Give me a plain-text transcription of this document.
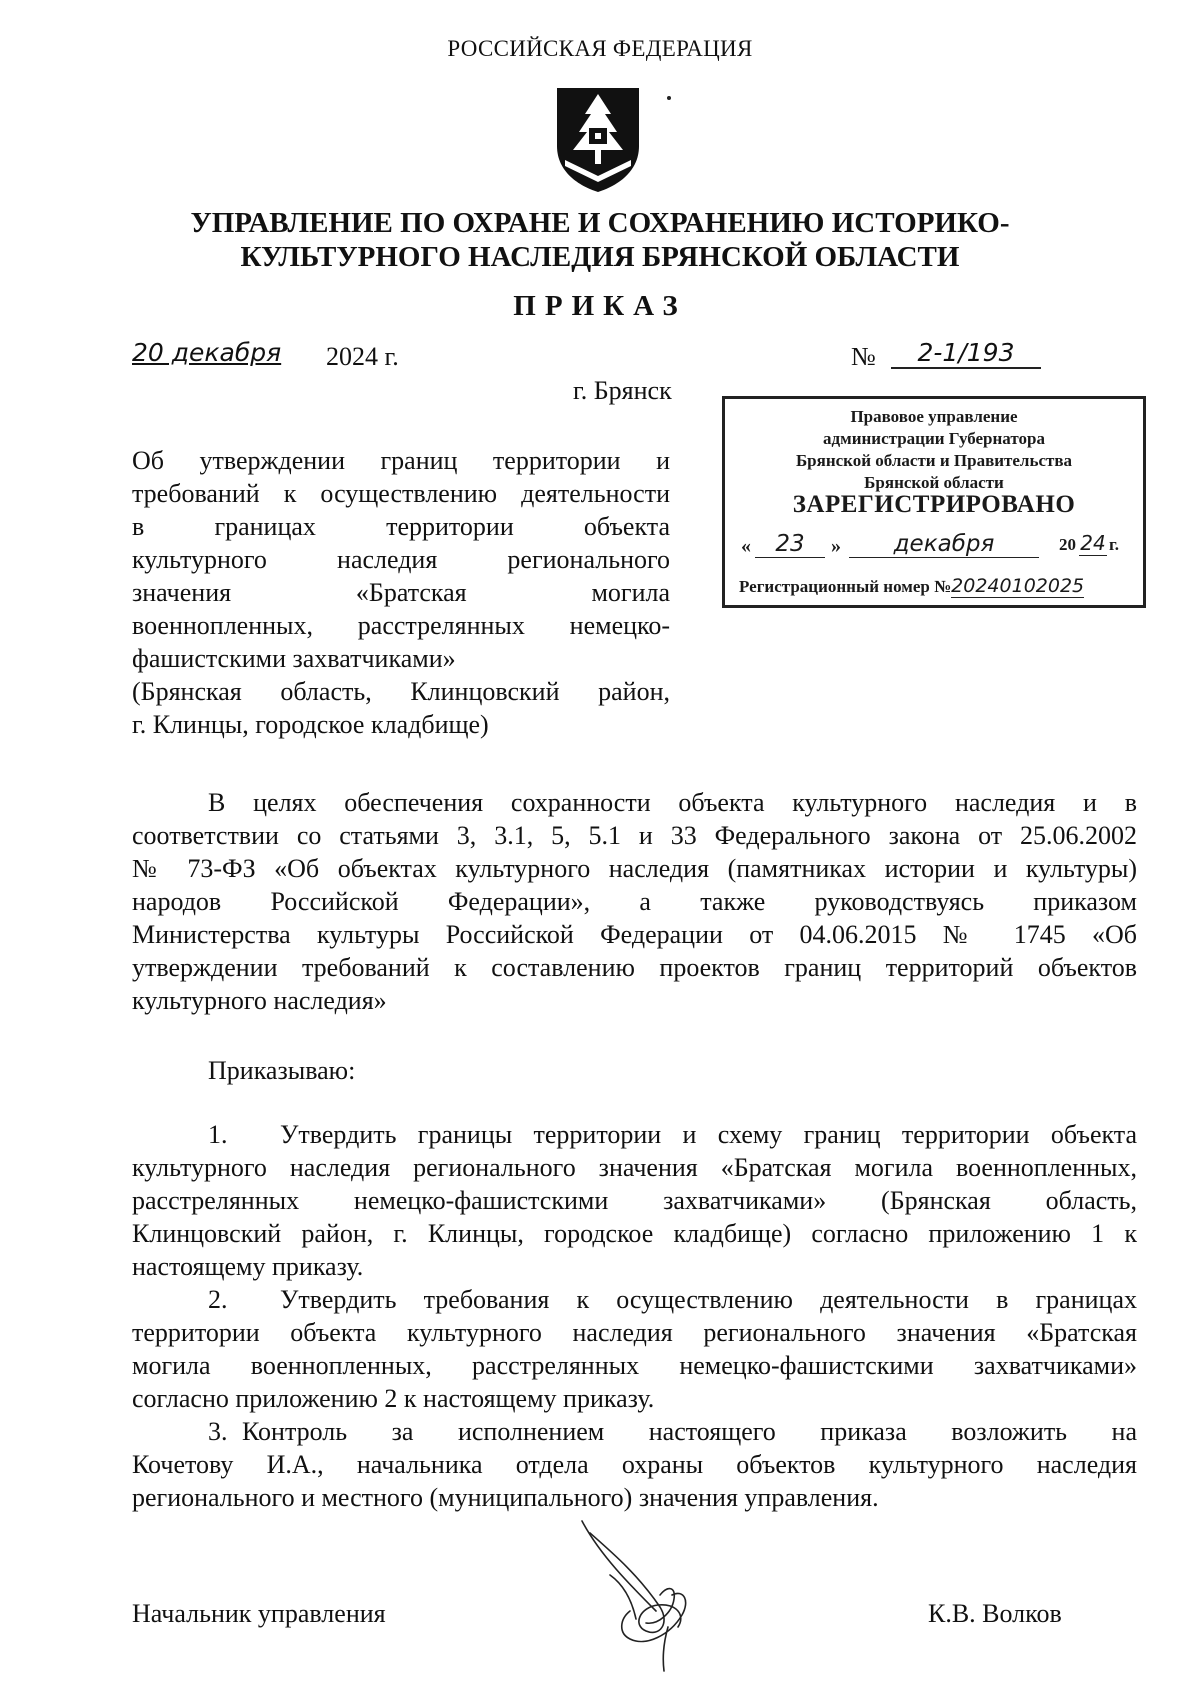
РОССИЙСКАЯ ФЕДЕРАЦИЯ
УПРАВЛЕНИЕ ПО ОХРАНЕ И СОХРАНЕНИЮ ИСТОРИКО-
КУЛЬТУРНОГО НАСЛЕДИЯ БРЯНСКОЙ ОБЛАСТИ
ПРИКАЗ
20 декабря	2024 г.	№	2-1/193
г. Брянск
Правовое управление
администрации Губернатора
Брянской области и Правительства
Брянской области
ЗАРЕГИСТРИРОВАНО
«	23	»	декабря	20 24 г.
Регистрационный номер №20240102025
Об утверждении границ территории и
требований к осуществлению деятельности
в границах территории объекта
культурного наследия регионального
значения «Братская могила
военнопленных, расстрелянных немецко-
фашистскими захватчиками»
(Брянская область, Клинцовский район,
г. Клинцы, городское кладбище)
В целях обеспечения сохранности объекта культурного наследия и в
соответствии со статьями 3, 3.1, 5, 5.1 и 33 Федерального закона от 25.06.2002
№ 73-ФЗ «Об объектах культурного наследия (памятниках истории и культуры)
народов Российской Федерации», а также руководствуясь приказом
Министерства культуры Российской Федерации от 04.06.2015 № 1745 «Об
утверждении требований к составлению проектов границ территорий объектов
культурного наследия»
Приказываю:
1. Утвердить границы территории и схему границ территории объекта
культурного наследия регионального значения «Братская могила военнопленных,
расстрелянных немецко-фашистскими захватчиками» (Брянская область,
Клинцовский район, г. Клинцы, городское кладбище) согласно приложению 1 к
настоящему приказу.
2. Утвердить требования к осуществлению деятельности в границах
территории объекта культурного наследия регионального значения «Братская
могила военнопленных, расстрелянных немецко-фашистскими захватчиками»
согласно приложению 2 к настоящему приказу.
3. Контроль за исполнением настоящего приказа возложить на
Кочетову И.А., начальника отдела охраны объектов культурного наследия
регионального и местного (муниципального) значения управления.
Начальник управления	К.В. Волков
